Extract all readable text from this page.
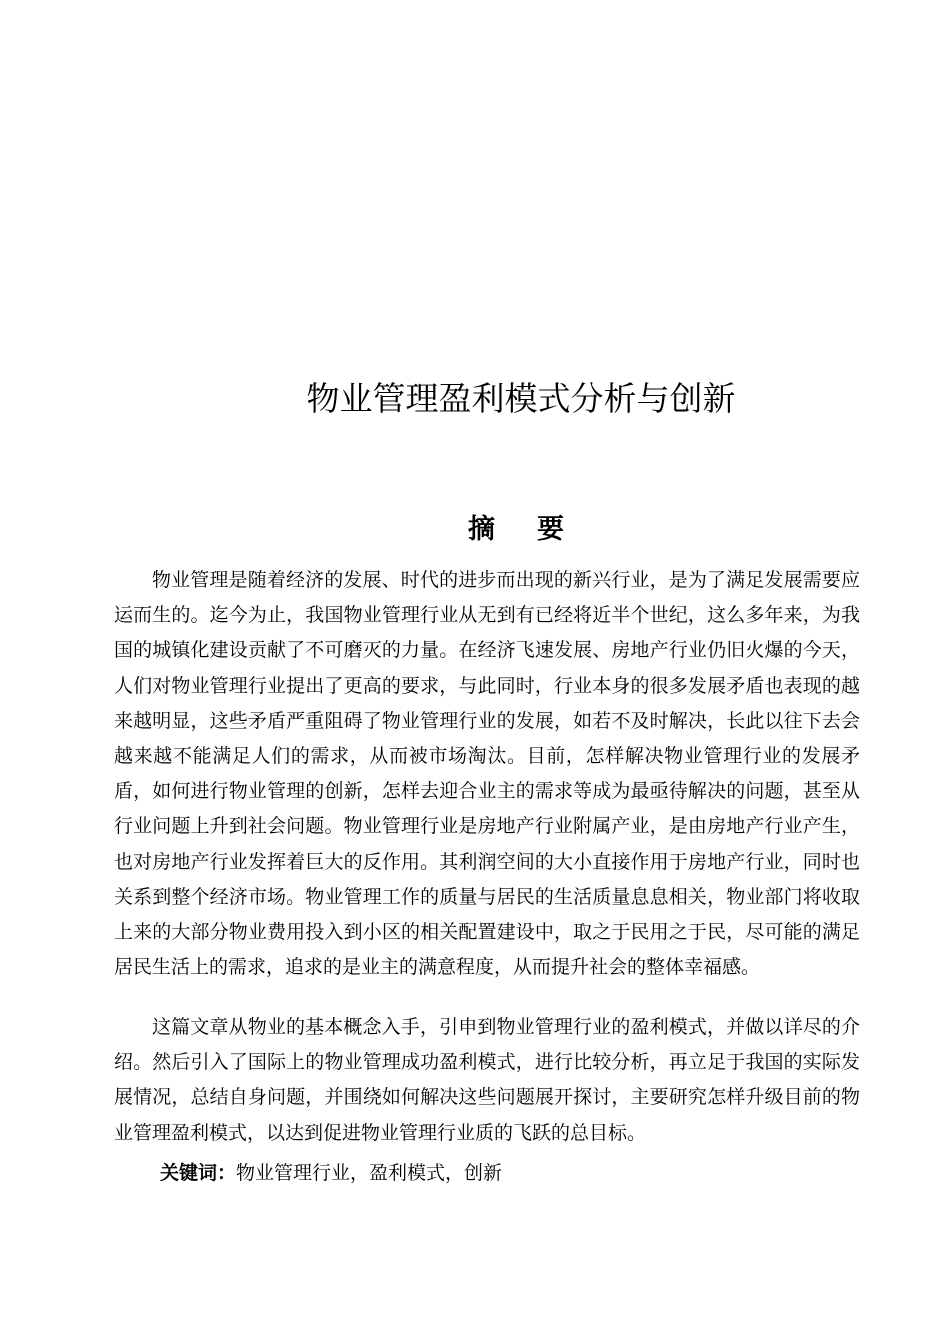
物业管理盈利模式分析与创新
摘 要

物业管理是随着经济的发展、时代的进步而出现的新兴行业，是为了满足发展需要应运而生的。迄今为止，我国物业管理行业从无到有已经将近半个世纪，这么多年来，为我国的城镇化建设贡献了不可磨灭的力量。在经济飞速发展、房地产行业仍旧火爆的今天，人们对物业管理行业提出了更高的要求，与此同时，行业本身的很多发展矛盾也表现的越来越明显，这些矛盾严重阻碍了物业管理行业的发展，如若不及时解决，长此以往下去会越来越不能满足人们的需求，从而被市场淘汰。目前，怎样解决物业管理行业的发展矛盾，如何进行物业管理的创新，怎样去迎合业主的需求等成为最亟待解决的问题，甚至从行业问题上升到社会问题。物业管理行业是房地产行业附属产业，是由房地产行业产生，也对房地产行业发挥着巨大的反作用。其利润空间的大小直接作用于房地产行业，同时也关系到整个经济市场。物业管理工作的质量与居民的生活质量息息相关，物业部门将收取上来的大部分物业费用投入到小区的相关配置建设中，取之于民用之于民，尽可能的满足居民生活上的需求，追求的是业主的满意程度，从而提升社会的整体幸福感。

这篇文章从物业的基本概念入手，引申到物业管理行业的盈利模式，并做以详尽的介绍。然后引入了国际上的物业管理成功盈利模式，进行比较分析，再立足于我国的实际发展情况，总结自身问题，并围绕如何解决这些问题展开探讨，主要研究怎样升级目前的物业管理盈利模式，以达到促进物业管理行业质的飞跃的总目标。

关键词：物业管理行业，盈利模式，创新
